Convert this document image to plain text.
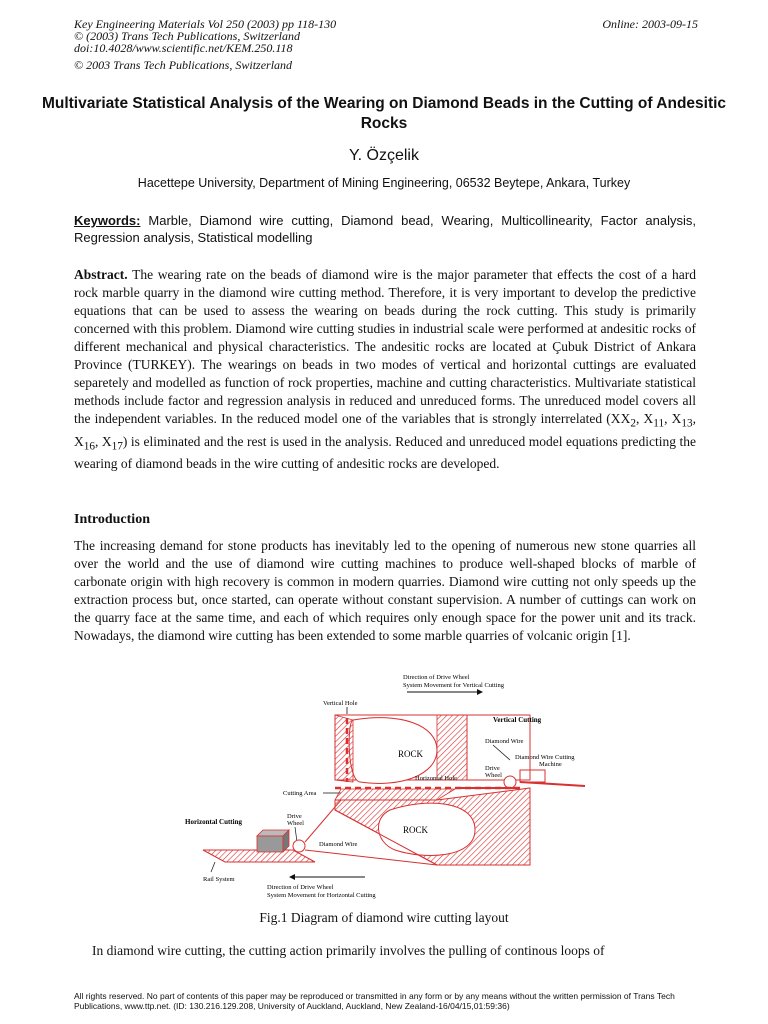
Key Engineering Materials Vol 250 (2003) pp 118-130
© (2003) Trans Tech Publications, Switzerland
doi:10.4028/www.scientific.net/KEM.250.118
Online: 2003-09-15
© 2003 Trans Tech Publications, Switzerland
Multivariate Statistical Analysis of the Wearing on Diamond Beads in the Cutting of Andesitic Rocks
Y. Özçelik
Hacettepe University, Department of Mining Engineering, 06532 Beytepe, Ankara, Turkey
Keywords: Marble, Diamond wire cutting, Diamond bead, Wearing, Multicollinearity, Factor analysis, Regression analysis, Statistical modelling
Abstract. The wearing rate on the beads of diamond wire is the major parameter that effects the cost of a hard rock marble quarry in the diamond wire cutting method. Therefore, it is very important to develop the predictive equations that can be used to assess the wearing on beads during the rock cutting. This study is primarily concerned with this problem. Diamond wire cutting studies in industrial scale were performed at andesitic rocks of different mechanical and physical characteristics. The andesitic rocks are located at Çubuk District of Ankara Province (TURKEY). The wearings on beads in two modes of vertical and horizontal cuttings are evaluated separetely and modelled as function of rock properties, machine and cutting characteristics. Multivariate statistical methods include factor and regression analysis in reduced and unreduced forms. The unreduced model covers all the independent variables. In the reduced model one of the variables that is strongly interrelated ($XX_2$, $X_{11}$, $X_{13}$, $X_{16}$, $X_{17}$) is eliminated and the rest is used in the analysis. Reduced and unreduced model equations predicting the wearing of diamond beads in the wire cutting of andesitic rocks are developed.
Introduction
The increasing demand for stone products has inevitably led to the opening of numerous new stone quarries all over the world and the use of diamond wire cutting machines to produce well-shaped blocks of marble of carbonate origin with high recovery is common in modern quarries. Diamond wire cutting not only speeds up the extraction process but, once started, can operate without constant supervision. A number of cuttings can work on the quarry face at the same time, and each of which requires only enough space for the power unit and its track. Nowadays, the diamond wire cutting has been extended to some marble quarries of volcanic origin [1].
Direction of Drive Wheel
System Movement for Vertical Cutting
Vertical Hole
ROCK
Vertical Cutting
Diamond Wire
Diamond Wire Cutting
Machine
Drive
Wheel
Horizontal Hole
Cutting Area
ROCK
Horizontal Cutting
Drive
Wheel
Diamond Wire
Rail System
Direction of Drive Wheel
System Movement for Horizontal Cutting
Fig.1 Diagram of diamond wire cutting layout
In diamond wire cutting, the cutting action primarily involves the pulling of continous loops of
All rights reserved. No part of contents of this paper may be reproduced or transmitted in any form or by any means without the written permission of Trans Tech Publications, www.ttp.net. (ID: 130.216.129.208, University of Auckland, Auckland, New Zealand-16/04/15,01:59:36)
